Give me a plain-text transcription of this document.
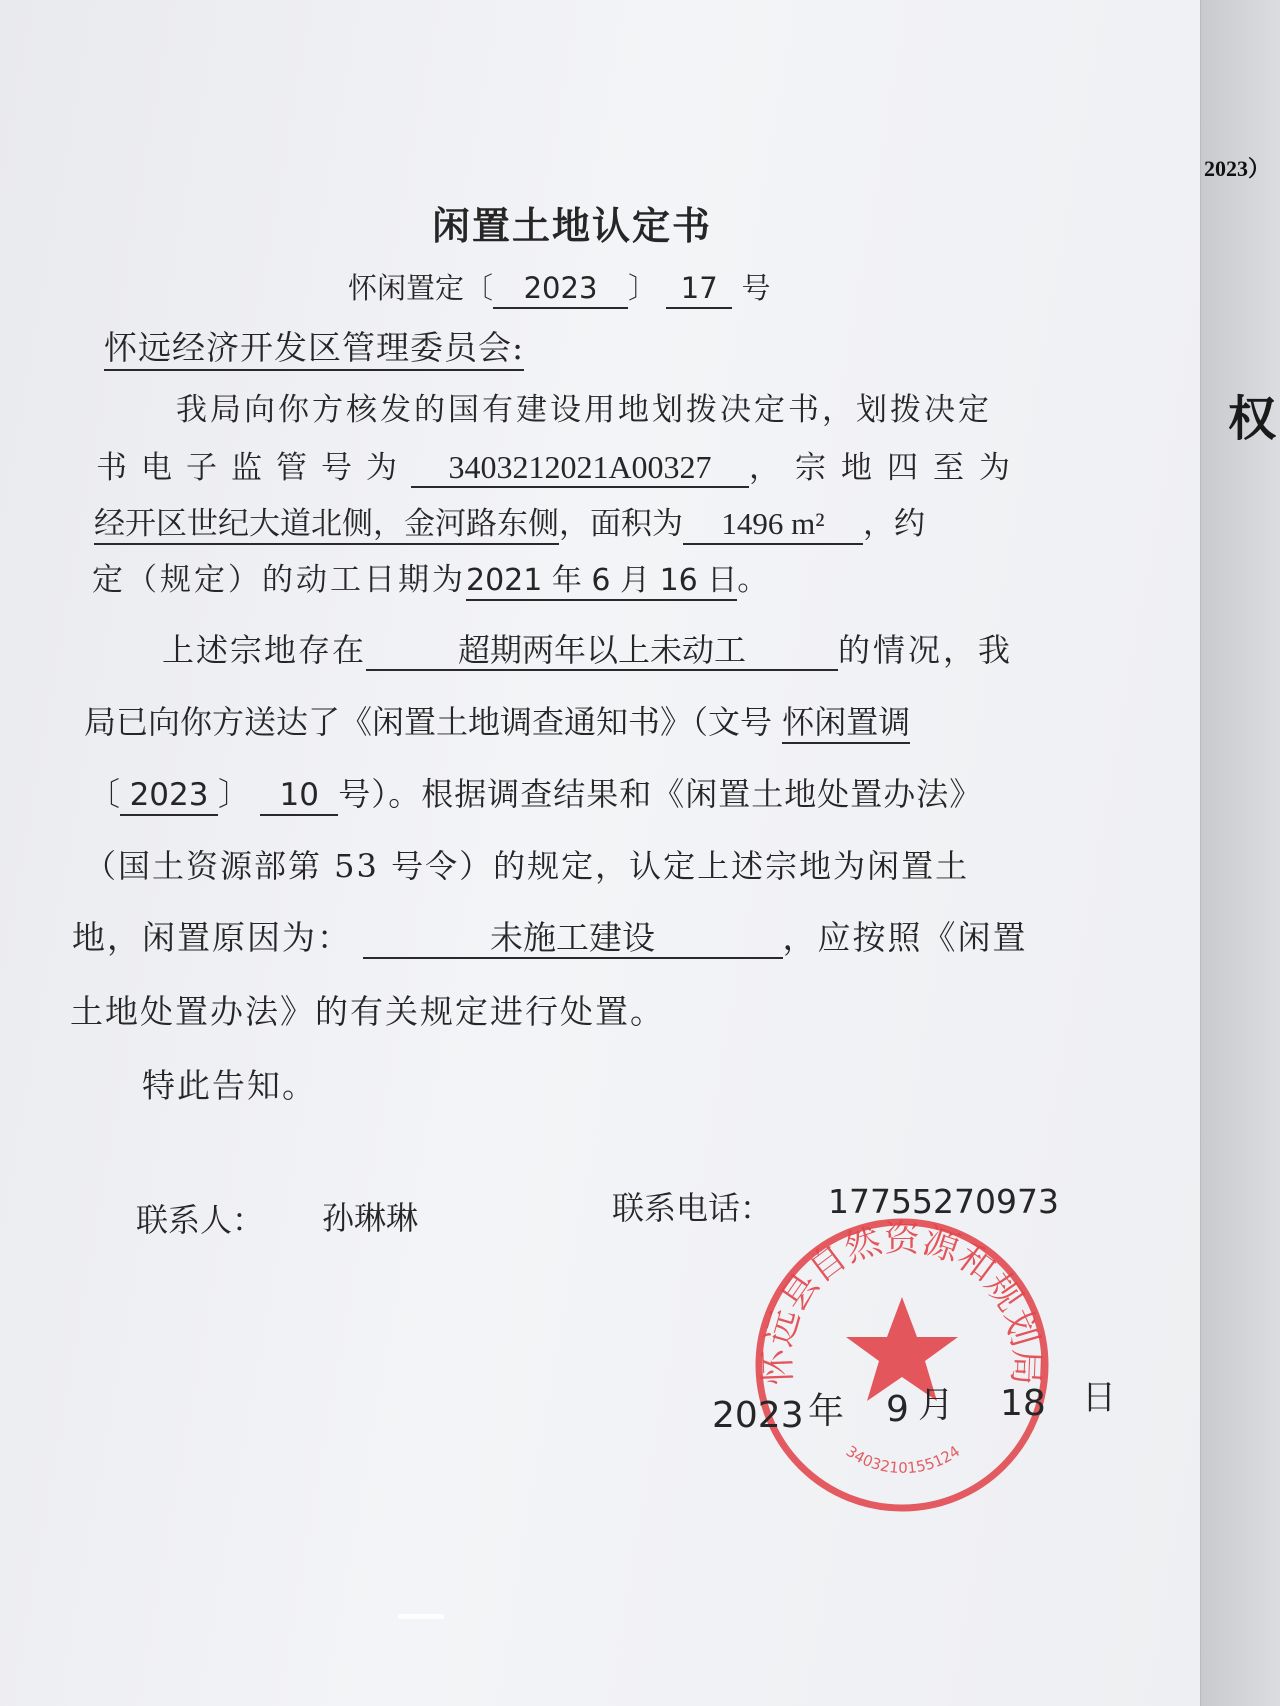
闲置土地认定书
怀闲置定〔 2023 〕 17 号
怀远经济开发区管理委员会:
我局向你方核发的国有建设用地划拨决定书，划拨决定
书电子监管号为 3403212021A00327 ，宗地四至为
经开区世纪大道北侧，金河路东侧，面积为 1496 m² ，约
定（规定）的动工日期为2021 年 6 月 16 日。
上述宗地存在	超期两年以上未动工	的情况，我
局已向你方送达了《闲置土地调查通知书》（文号 怀闲置调
〔 2023 〕 10 号）。根据调查结果和《闲置土地处置办法》
（国土资源部第 53 号令）的规定，认定上述宗地为闲置土
地，闲置原因为：	未施工建设	，应按照《闲置
土地处置办法》的有关规定进行处置。
特此告知。
联系人： 孙琳琳	联系电话： 17755270973
怀远县自然资源和规划局
3403210155124
2023 年 9 月 18 日
2023）
权
